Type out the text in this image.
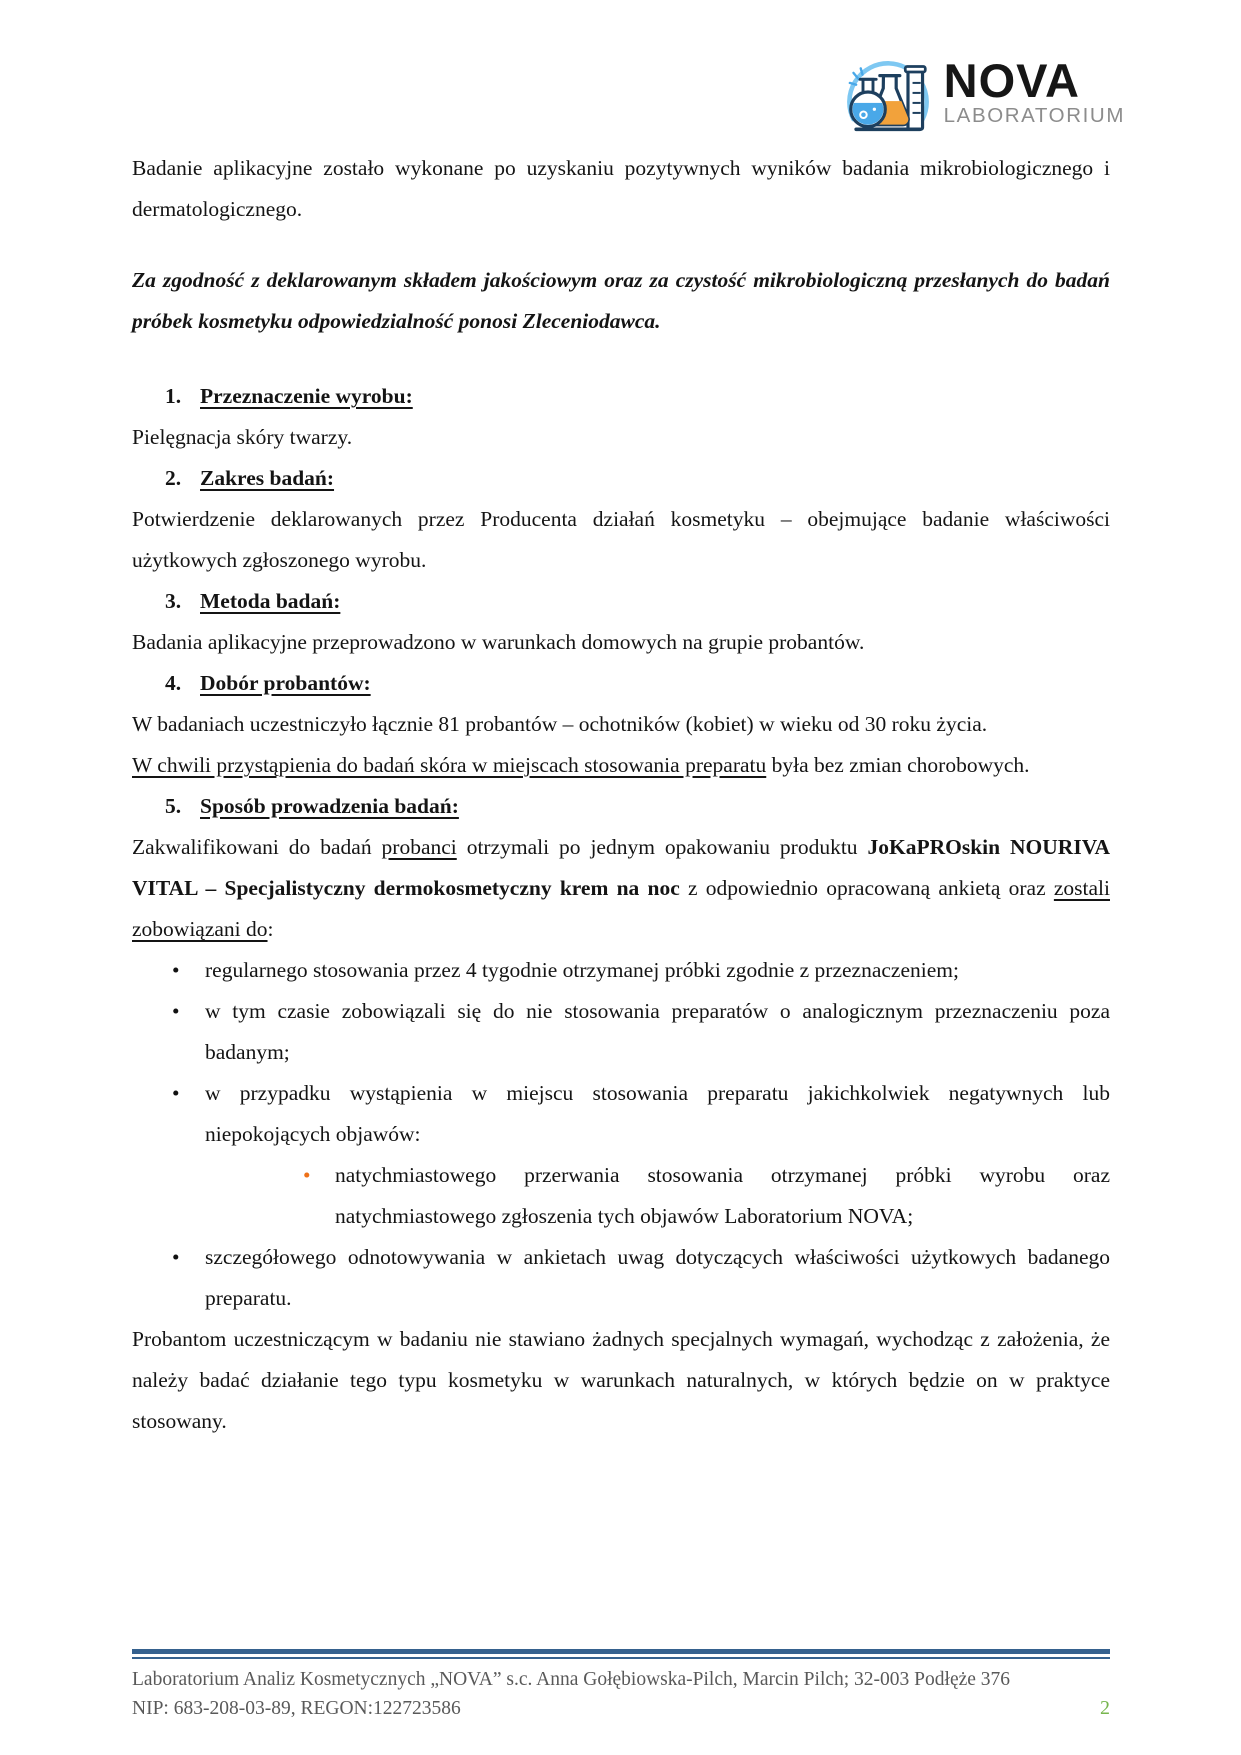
NOVA
LABORATORIUM

Badanie aplikacyjne zostało wykonane po uzyskaniu pozytywnych wyników badania mikrobiologicznego i dermatologicznego.

Za zgodność z deklarowanym składem jakościowym oraz za czystość mikrobiologiczną przesłanych do badań próbek kosmetyku odpowiedzialność ponosi Zleceniodawca.

1. Przeznaczenie wyrobu:

Pielęgnacja skóry twarzy.

2. Zakres badań:

Potwierdzenie deklarowanych przez Producenta działań kosmetyku – obejmujące badanie właściwości użytkowych zgłoszonego wyrobu.

3. Metoda badań:

Badania aplikacyjne przeprowadzono w warunkach domowych na grupie probantów.

4. Dobór probantów:

W badaniach uczestniczyło łącznie 81 probantów – ochotników (kobiet) w wieku od 30 roku życia.

W chwili przystąpienia do badań skóra w miejscach stosowania preparatu była bez zmian chorobowych.

5. Sposób prowadzenia badań:

Zakwalifikowani do badań probanci otrzymali po jednym opakowaniu produktu JoKaPROskin NOURIVA VITAL – Specjalistyczny dermokosmetyczny krem na noc z odpowiednio opracowaną ankietą oraz zostali zobowiązani do:

•	regularnego stosowania przez 4 tygodnie otrzymanej próbki zgodnie z przeznaczeniem;
•	w tym czasie zobowiązali się do nie stosowania preparatów o analogicznym przeznaczeniu poza badanym;
•	w przypadku wystąpienia w miejscu stosowania preparatu jakichkolwiek negatywnych lub niepokojących objawów:
•	natychmiastowego przerwania stosowania otrzymanej próbki wyrobu oraz natychmiastowego zgłoszenia tych objawów Laboratorium NOVA;
•	szczegółowego odnotowywania w ankietach uwag dotyczących właściwości użytkowych badanego preparatu.

Probantom uczestniczącym w badaniu nie stawiano żadnych specjalnych wymagań, wychodząc z założenia, że należy badać działanie tego typu kosmetyku w warunkach naturalnych, w których będzie on w praktyce stosowany.

Laboratorium Analiz Kosmetycznych „NOVA” s.c. Anna Gołębiowska-Pilch, Marcin Pilch; 32-003 Podłęże 376
NIP: 683-208-03-89, REGON:122723586	2
